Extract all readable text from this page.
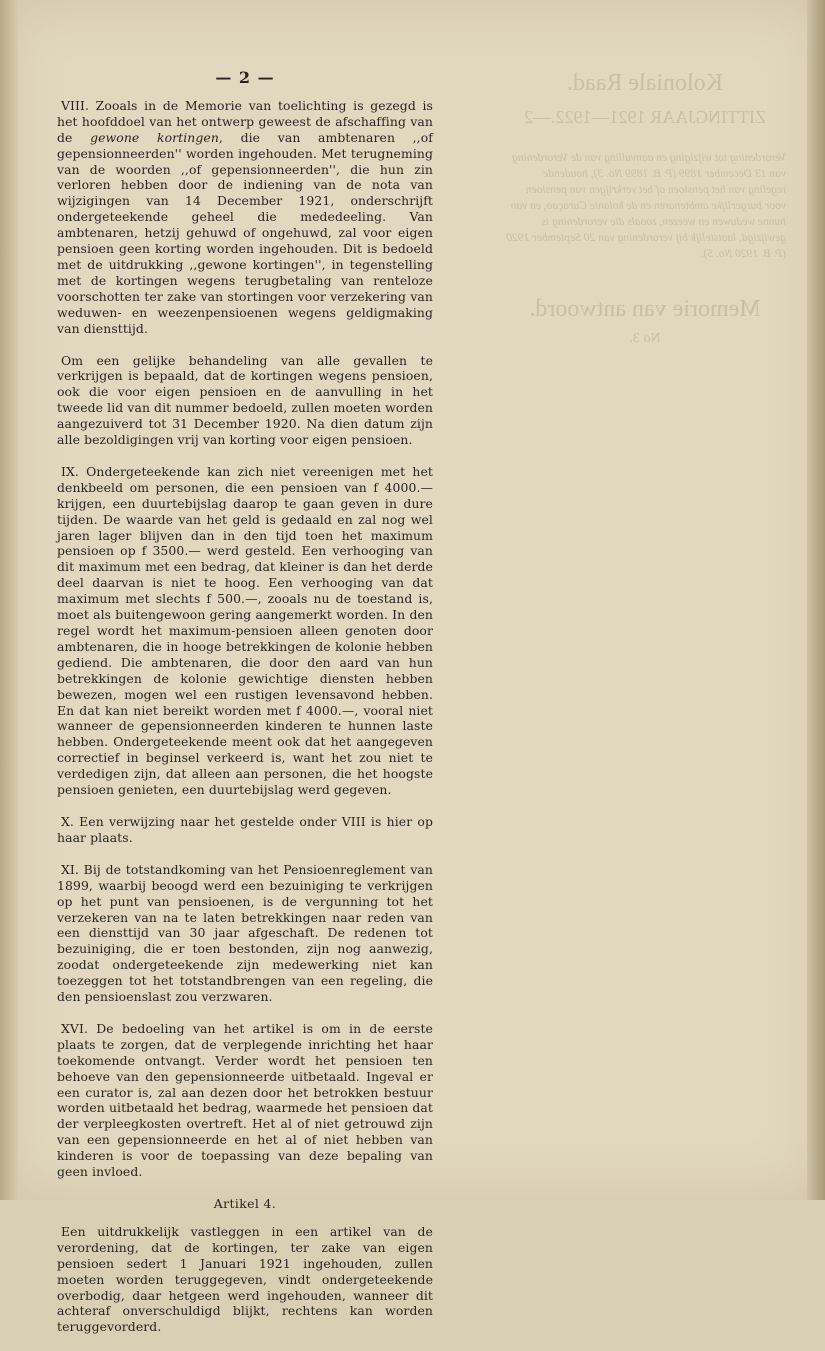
Koloniale Raad.
ZITTINGJAAR 1921—1922.—2
Verordening tot wijziging en aanvulling van de Verordening van 13 December 1899 (P. B. 1899 No. 3), houdende regeling van het pensioen of het verkrijgen van pensioen voor burgerlijke ambtenaren en de kolonie Curaçao, en van hunne weduwen en weezen, zooals die verordening is gewijzigd, laatstelijk bij verordening van 20 September 1920 (P. B. 1920 No. 5).
Memorie van antwoord.
No 3.
— 2 —

VIII. Zooals in de Memorie van toelichting is gezegd is het hoofddoel van het ontwerp geweest de afschaffing van de gewone kortingen, die van ambtenaren ,,of gepensionneerden'' worden ingehouden. Met terugneming van de woorden ,,of gepensionneerden'', die hun zin verloren hebben door de indiening van de nota van wijzigingen van 14 December 1921, onderschrijft ondergeteekende geheel die mededeeling. Van ambtenaren, hetzij gehuwd of ongehuwd, zal voor eigen pensioen geen korting worden ingehouden. Dit is bedoeld met de uitdrukking ,,gewone kortingen'', in tegenstelling met de kortingen wegens terugbetaling van renteloze voorschotten ter zake van stortingen voor verzekering van weduwen- en weezenpensioenen wegens geldigmaking van diensttijd.

Om een gelijke behandeling van alle gevallen te verkrijgen is bepaald, dat de kortingen wegens pensioen, ook die voor eigen pensioen en de aanvulling in het tweede lid van dit nummer bedoeld, zullen moeten worden aangezuiverd tot 31 December 1920. Na dien datum zijn alle bezoldigingen vrij van korting voor eigen pensioen.

IX. Ondergeteekende kan zich niet vereenigen met het denkbeeld om personen, die een pensioen van f 4000.— krijgen, een duurtebijslag daarop te gaan geven in dure tijden. De waarde van het geld is gedaald en zal nog wel jaren lager blijven dan in den tijd toen het maximum pensioen op f 3500.— werd gesteld. Een verhooging van dit maximum met een bedrag, dat kleiner is dan het derde deel daarvan is niet te hoog. Een verhooging van dat maximum met slechts f 500.—, zooals nu de toestand is, moet als buitengewoon gering aangemerkt worden. In den regel wordt het maximum-pensioen alleen genoten door ambtenaren, die in hooge betrekkingen de kolonie hebben gediend. Die ambtenaren, die door den aard van hun betrekkingen de kolonie gewichtige diensten hebben bewezen, mogen wel een rustigen levensavond hebben. En dat kan niet bereikt worden met f 4000.—, vooral niet wanneer de gepensionneerden kinderen te hunnen laste hebben. Ondergeteekende meent ook dat het aangegeven correctief in beginsel verkeerd is, want het zou niet te verdedigen zijn, dat alleen aan personen, die het hoogste pensioen genieten, een duurtebijslag werd gegeven.

X. Een verwijzing naar het gestelde onder VIII is hier op haar plaats.

XI. Bij de totstandkoming van het Pensioenreglement van 1899, waarbij beoogd werd een bezuiniging te verkrijgen op het punt van pensioenen, is de vergunning tot het verzekeren van na te laten betrekkingen naar reden van een diensttijd van 30 jaar afgeschaft. De redenen tot bezuiniging, die er toen bestonden, zijn nog aanwezig, zoodat ondergeteekende zijn medewerking niet kan toezeggen tot het totstandbrengen van een regeling, die den pensioenslast zou verzwaren.

XVI. De bedoeling van het artikel is om in de eerste plaats te zorgen, dat de verplegende inrichting het haar toekomende ontvangt. Verder wordt het pensioen ten behoeve van den gepensionneerde uitbetaald. Ingeval er een curator is, zal aan dezen door het betrokken bestuur worden uitbetaald het bedrag, waarmede het pensioen dat der verpleegkosten overtreft. Het al of niet getrouwd zijn van een gepensionneerde en het al of niet hebben van kinderen is voor de toepassing van deze bepaling van geen invloed.

Artikel 4.

Een uitdrukkelijk vastleggen in een artikel van de verordening, dat de kortingen, ter zake van eigen pensioen sedert 1 Januari 1921 ingehouden, zullen moeten worden teruggegeven, vindt ondergeteekende overbodig, daar hetgeen werd ingehouden, wanneer dit achteraf onverschuldigd blijkt, rechtens kan worden teruggevorderd.
